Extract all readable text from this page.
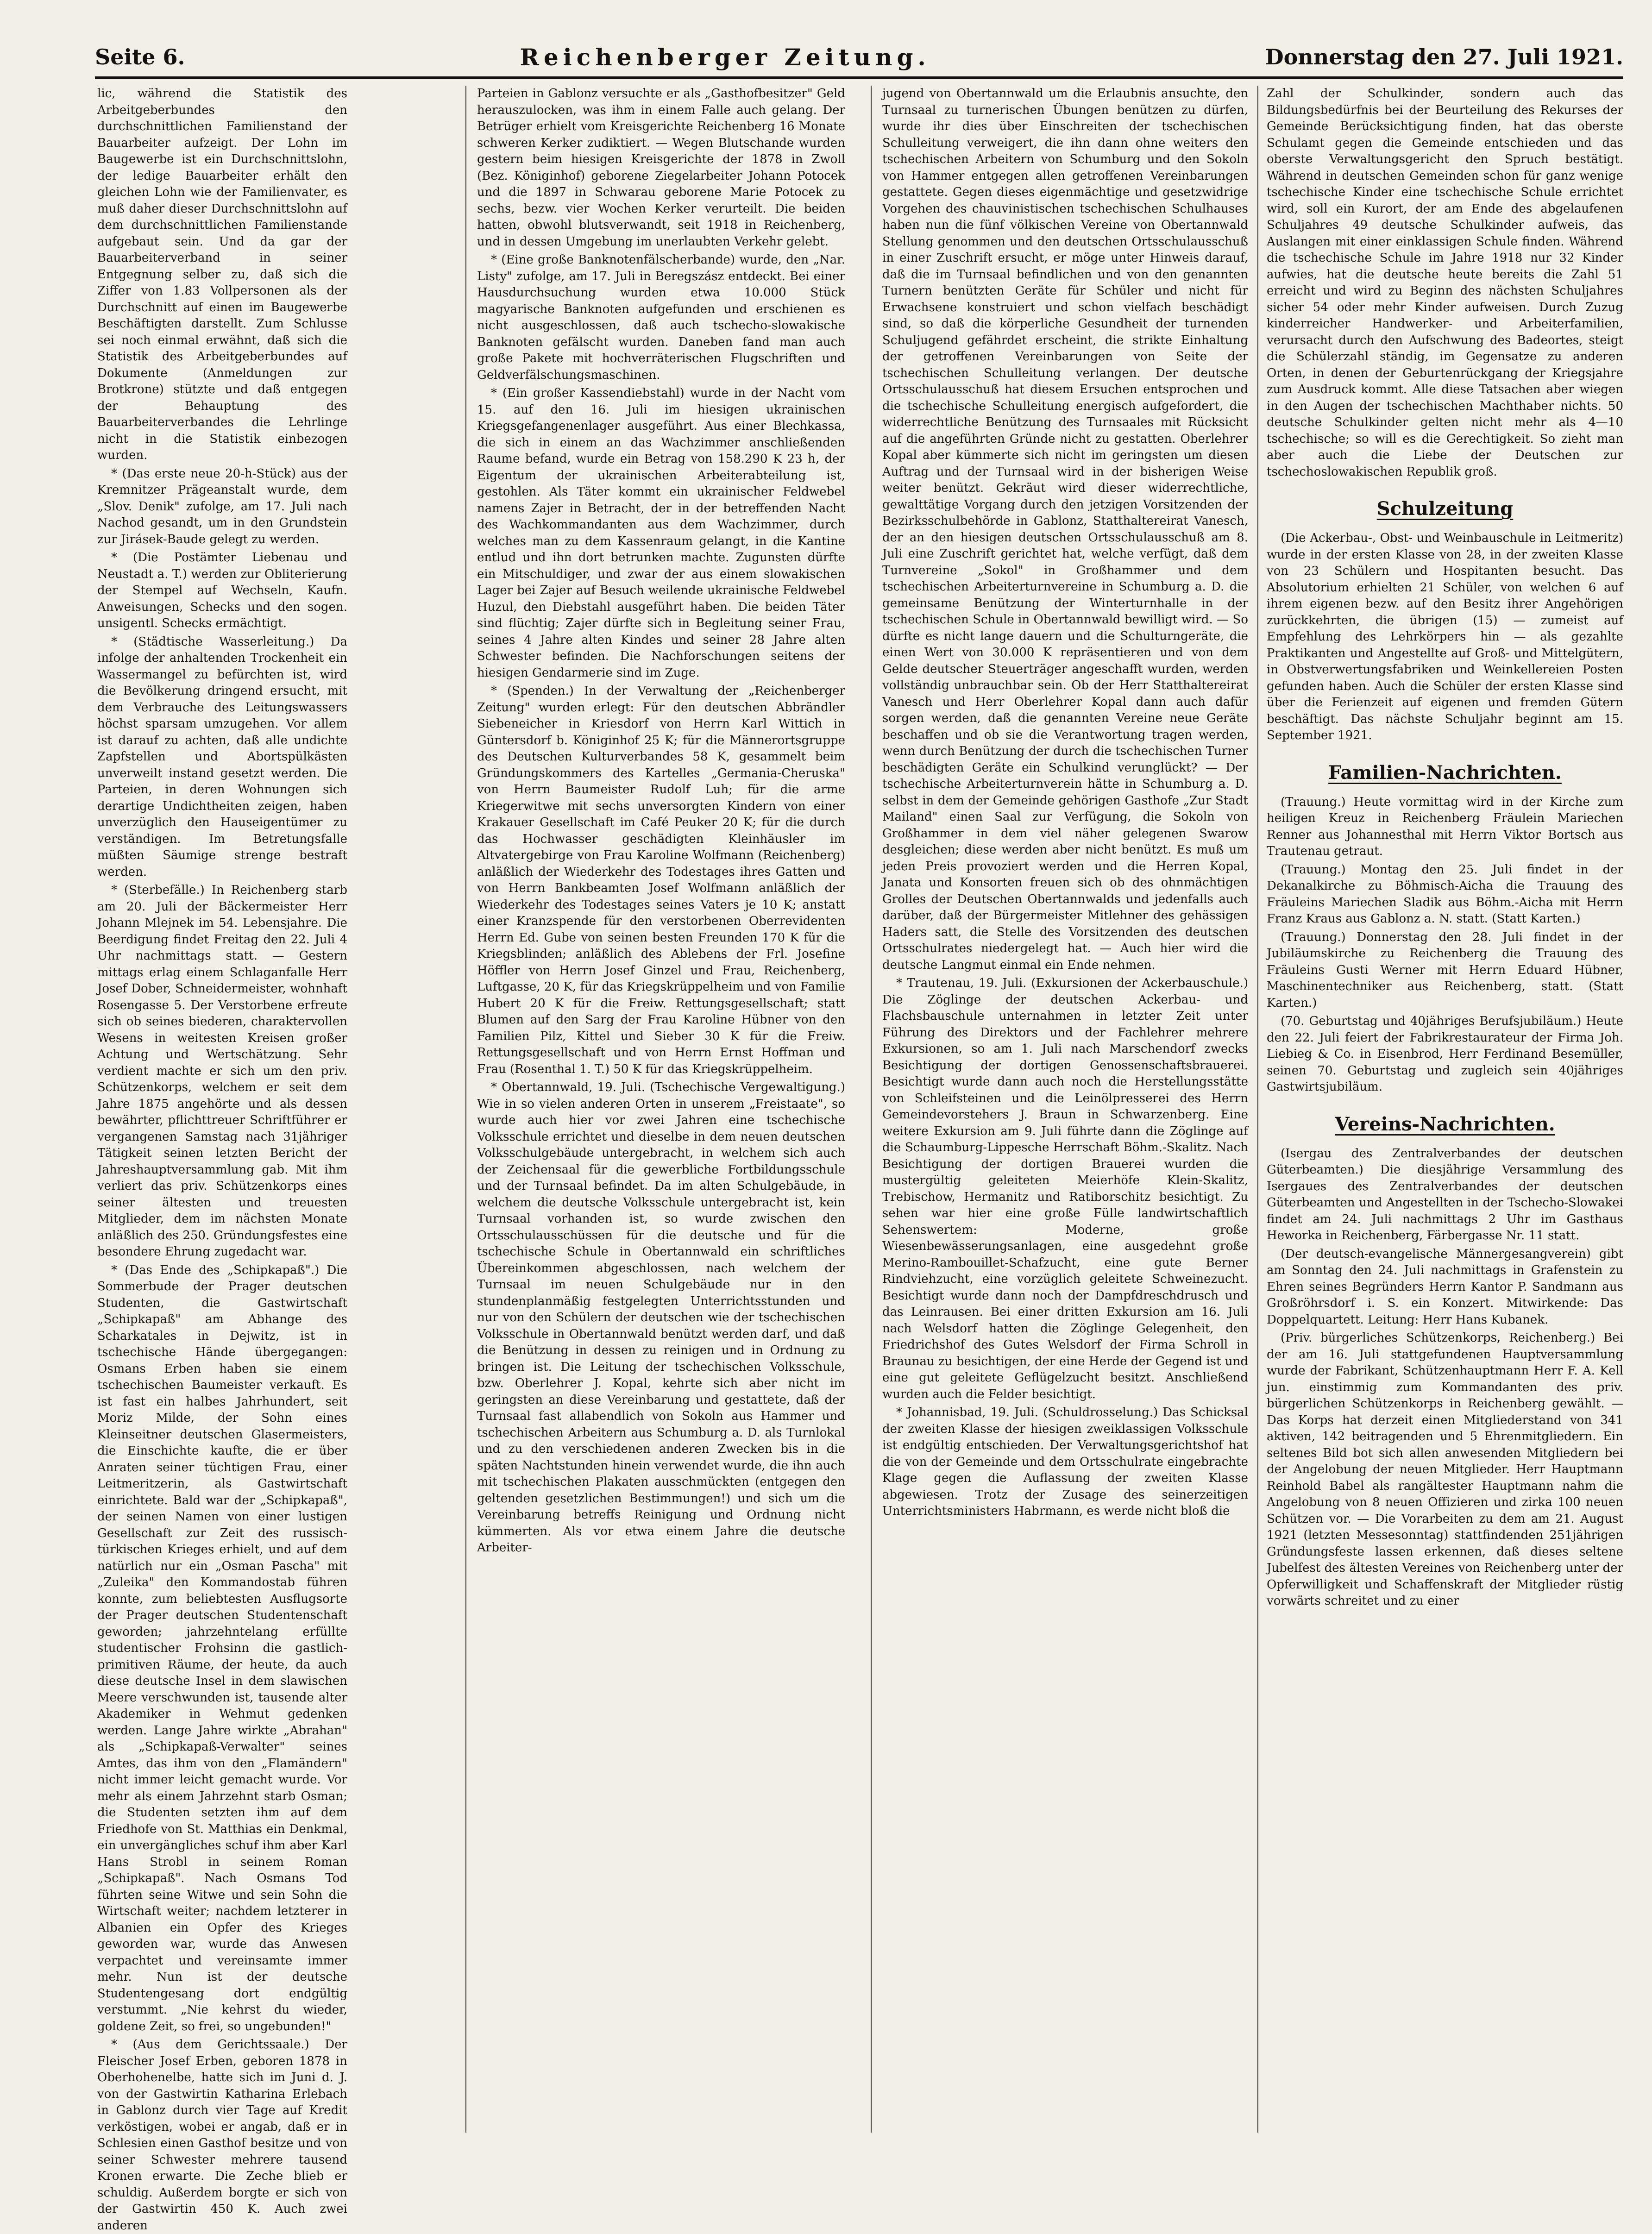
Seite 6.	Reichenberger Zeitung.	Donnerstag den 27. Juli 1921.

lic, während die Statistik des Arbeitgeberbundes den durchschnittlichen Familienstand der Bauarbeiter aufzeigt. Der Lohn im Baugewerbe ist ein Durchschnittslohn, der ledige Bauarbeiter erhält den gleichen Lohn wie der Familienvater, es muß daher dieser Durchschnittslohn auf dem durchschnittlichen Familienstande aufgebaut sein. Und da gar der Bauarbeiterverband in seiner Entgegnung selber zu, daß sich die Ziffer von 1.83 Vollpersonen als der Durchschnitt auf einen im Baugewerbe Beschäftigten darstellt. Zum Schlusse sei noch einmal erwähnt, daß sich die Statistik des Arbeitgeberbundes auf Dokumente (Anmeldungen zur Brotkrone) stützte und daß entgegen der Behauptung des Bauarbeiterverbandes die Lehrlinge nicht in die Statistik einbezogen wurden.

* (Das erste neue 20-h-Stück) aus der Kremnitzer Prägeanstalt wurde, dem „Slov. Denik" zufolge, am 17. Juli nach Nachod gesandt, um in den Grundstein zur Jirásek-Baude gelegt zu werden.

* (Die Postämter Liebenau und Neustadt a. T.) werden zur Obliterierung der Stempel auf Wechseln, Kaufn. Anweisungen, Schecks und den sogen. unsigentl. Schecks ermächtigt.

* (Städtische Wasserleitung.) Da infolge der anhaltenden Trockenheit ein Wassermangel zu befürchten ist, wird die Bevölkerung dringend ersucht, mit dem Verbrauche des Leitungswassers höchst sparsam umzugehen. Vor allem ist darauf zu achten, daß alle undichte Zapfstellen und Abortspülkästen unverweilt instand gesetzt werden. Die Parteien, in deren Wohnungen sich derartige Undichtheiten zeigen, haben unverzüglich den Hauseigentümer zu verständigen. Im Betretungsfalle müßten Säumige strenge bestraft werden.

* (Sterbefälle.) In Reichenberg starb am 20. Juli der Bäckermeister Herr Johann Mlejnek im 54. Lebensjahre. Die Beerdigung findet Freitag den 22. Juli 4 Uhr nachmittags statt. — Gestern mittags erlag einem Schlaganfalle Herr Josef Dober, Schneidermeister, wohnhaft Rosengasse 5. Der Verstorbene erfreute sich ob seines biederen, charaktervollen Wesens in weitesten Kreisen großer Achtung und Wertschätzung. Sehr verdient machte er sich um den priv. Schützenkorps, welchem er seit dem Jahre 1875 angehörte und als dessen bewährter, pflichttreuer Schriftführer er vergangenen Samstag nach 31jähriger Tätigkeit seinen letzten Bericht der Jahreshauptversammlung gab. Mit ihm verliert das priv. Schützenkorps eines seiner ältesten und treuesten Mitglieder, dem im nächsten Monate anläßlich des 250. Gründungsfestes eine besondere Ehrung zugedacht war.

* (Das Ende des „Schipkapaß".) Die Sommerbude der Prager deutschen Studenten, die Gastwirtschaft „Schipkapaß" am Abhange des Scharkatales in Dejwitz, ist in tschechische Hände übergegangen: Osmans Erben haben sie einem tschechischen Baumeister verkauft. Es ist fast ein halbes Jahrhundert, seit Moriz Milde, der Sohn eines Kleinseitner deutschen Glasermeisters, die Einschichte kaufte, die er über Anraten seiner tüchtigen Frau, einer Leitmeritzerin, als Gastwirtschaft einrichtete. Bald war der „Schipkapaß", der seinen Namen von einer lustigen Gesellschaft zur Zeit des russisch-türkischen Krieges erhielt, und auf dem natürlich nur ein „Osman Pascha" mit „Zuleika" den Kommandostab führen konnte, zum beliebtesten Ausflugsorte der Prager deutschen Studentenschaft geworden; jahrzehntelang erfüllte studentischer Frohsinn die gastlich-primitiven Räume, der heute, da auch diese deutsche Insel in dem slawischen Meere verschwunden ist, tausende alter Akademiker in Wehmut gedenken werden. Lange Jahre wirkte „Abrahan" als „Schipkapaß-Verwalter" seines Amtes, das ihm von den „Flamändern" nicht immer leicht gemacht wurde. Vor mehr als einem Jahrzehnt starb Osman; die Studenten setzten ihm auf dem Friedhofe von St. Matthias ein Denkmal, ein unvergängliches schuf ihm aber Karl Hans Strobl in seinem Roman „Schipkapaß". Nach Osmans Tod führten seine Witwe und sein Sohn die Wirtschaft weiter; nachdem letzterer in Albanien ein Opfer des Krieges geworden war, wurde das Anwesen verpachtet und vereinsamte immer mehr. Nun ist der deutsche Studentengesang dort endgültig verstummt. „Nie kehrst du wieder, goldene Zeit, so frei, so ungebunden!"

* (Aus dem Gerichtssaale.) Der Fleischer Josef Erben, geboren 1878 in Oberhohenelbe, hatte sich im Juni d. J. von der Gastwirtin Katharina Erlebach in Gablonz durch vier Tage auf Kredit verköstigen, wobei er angab, daß er in Schlesien einen Gasthof besitze und von seiner Schwester mehrere tausend Kronen erwarte. Die Zeche blieb er schuldig. Außerdem borgte er sich von der Gastwirtin 450 K. Auch zwei anderen

Parteien in Gablonz versuchte er als „Gasthofbesitzer" Geld herauszulocken, was ihm in einem Falle auch gelang. Der Betrüger erhielt vom Kreisgerichte Reichenberg 16 Monate schweren Kerker zudiktiert. — Wegen Blutschande wurden gestern beim hiesigen Kreisgerichte der 1878 in Zwoll (Bez. Königinhof) geborene Ziegelarbeiter Johann Potocek und die 1897 in Schwarau geborene Marie Potocek zu sechs, bezw. vier Wochen Kerker verurteilt. Die beiden hatten, obwohl blutsverwandt, seit 1918 in Reichenberg, und in dessen Umgebung im unerlaubten Verkehr gelebt.

* (Eine große Banknotenfälscherbande) wurde, den „Nar. Listy" zufolge, am 17. Juli in Beregszász entdeckt. Bei einer Hausdurchsuchung wurden etwa 10.000 Stück magyarische Banknoten aufgefunden und erschienen es nicht ausgeschlossen, daß auch tschecho-slowakische Banknoten gefälscht wurden. Daneben fand man auch große Pakete mit hochverräterischen Flugschriften und Geldverfälschungsmaschinen.

* (Ein großer Kassendiebstahl) wurde in der Nacht vom 15. auf den 16. Juli im hiesigen ukrainischen Kriegsgefangenenlager ausgeführt. Aus einer Blechkassa, die sich in einem an das Wachzimmer anschließenden Raume befand, wurde ein Betrag von 158.290 K 23 h, der Eigentum der ukrainischen Arbeiterabteilung ist, gestohlen. Als Täter kommt ein ukrainischer Feldwebel namens Zajer in Betracht, der in der betreffenden Nacht des Wachkommandanten aus dem Wachzimmer, durch welches man zu dem Kassenraum gelangt, in die Kantine entlud und ihn dort betrunken machte. Zugunsten dürfte ein Mitschuldiger, und zwar der aus einem slowakischen Lager bei Zajer auf Besuch weilende ukrainische Feldwebel Huzul, den Diebstahl ausgeführt haben. Die beiden Täter sind flüchtig; Zajer dürfte sich in Begleitung seiner Frau, seines 4 Jahre alten Kindes und seiner 28 Jahre alten Schwester befinden. Die Nachforschungen seitens der hiesigen Gendarmerie sind im Zuge.

* (Spenden.) In der Verwaltung der „Reichenberger Zeitung" wurden erlegt: Für den deutschen Abbrändler Siebeneicher in Kriesdorf von Herrn Karl Wittich in Güntersdorf b. Königinhof 25 K; für die Männerortsgruppe des Deutschen Kulturverbandes 58 K, gesammelt beim Gründungskommers des Kartelles „Germania-Cheruska" von Herrn Baumeister Rudolf Luh; für die arme Kriegerwitwe mit sechs unversorgten Kindern von einer Krakauer Gesellschaft im Café Peuker 20 K; für die durch das Hochwasser geschädigten Kleinhäusler im Altvatergebirge von Frau Karoline Wolfmann (Reichenberg) anläßlich der Wiederkehr des Todestages ihres Gatten und von Herrn Bankbeamten Josef Wolfmann anläßlich der Wiederkehr des Todestages seines Vaters je 10 K; anstatt einer Kranzspende für den verstorbenen Oberrevidenten Herrn Ed. Gube von seinen besten Freunden 170 K für die Kriegsblinden; anläßlich des Ablebens der Frl. Josefine Höffler von Herrn Josef Ginzel und Frau, Reichenberg, Luftgasse, 20 K, für das Kriegskrüppelheim und von Familie Hubert 20 K für die Freiw. Rettungsgesellschaft; statt Blumen auf den Sarg der Frau Karoline Hübner von den Familien Pilz, Kittel und Sieber 30 K für die Freiw. Rettungsgesellschaft und von Herrn Ernst Hoffman und Frau (Rosenthal 1. T.) 50 K für das Kriegskrüppelheim.

* Obertannwald, 19. Juli. (Tschechische Vergewaltigung.) Wie in so vielen anderen Orten in unserem „Freistaate", so wurde auch hier vor zwei Jahren eine tschechische Volksschule errichtet und dieselbe in dem neuen deutschen Volksschulgebäude untergebracht, in welchem sich auch der Zeichensaal für die gewerbliche Fortbildungsschule und der Turnsaal befindet. Da im alten Schulgebäude, in welchem die deutsche Volksschule untergebracht ist, kein Turnsaal vorhanden ist, so wurde zwischen den Ortsschulausschüssen für die deutsche und für die tschechische Schule in Obertannwald ein schriftliches Übereinkommen abgeschlossen, nach welchem der Turnsaal im neuen Schulgebäude nur in den stundenplanmäßig festgelegten Unterrichtsstunden und nur von den Schülern der deutschen wie der tschechischen Volksschule in Obertannwald benützt werden darf, und daß die Benützung in dessen zu reinigen und in Ordnung zu bringen ist. Die Leitung der tschechischen Volksschule, bzw. Oberlehrer J. Kopal, kehrte sich aber nicht im geringsten an diese Vereinbarung und gestattete, daß der Turnsaal fast allabendlich von Sokoln aus Hammer und tschechischen Arbeitern aus Schumburg a. D. als Turnlokal und zu den verschiedenen anderen Zwecken bis in die späten Nachtstunden hinein verwendet wurde, die ihn auch mit tschechischen Plakaten ausschmückten (entgegen den geltenden gesetzlichen Bestimmungen!) und sich um die Vereinbarung betreffs Reinigung und Ordnung nicht kümmerten. Als vor etwa einem Jahre die deutsche Arbeiter-

jugend von Obertannwald um die Erlaubnis ansuchte, den Turnsaal zu turnerischen Übungen benützen zu dürfen, wurde ihr dies über Einschreiten der tschechischen Schulleitung verweigert, die ihn dann ohne weiters den tschechischen Arbeitern von Schumburg und den Sokoln von Hammer entgegen allen getroffenen Vereinbarungen gestattete. Gegen dieses eigenmächtige und gesetzwidrige Vorgehen des chauvinistischen tschechischen Schulhauses haben nun die fünf völkischen Vereine von Obertannwald Stellung genommen und den deutschen Ortsschulausschuß in einer Zuschrift ersucht, er möge unter Hinweis darauf, daß die im Turnsaal befindlichen und von den genannten Turnern benützten Geräte für Schüler und nicht für Erwachsene konstruiert und schon vielfach beschädigt sind, so daß die körperliche Gesundheit der turnenden Schuljugend gefährdet erscheint, die strikte Einhaltung der getroffenen Vereinbarungen von Seite der tschechischen Schulleitung verlangen. Der deutsche Ortsschulausschuß hat diesem Ersuchen entsprochen und die tschechische Schulleitung energisch aufgefordert, die widerrechtliche Benützung des Turnsaales mit Rücksicht auf die angeführten Gründe nicht zu gestatten. Oberlehrer Kopal aber kümmerte sich nicht im geringsten um diesen Auftrag und der Turnsaal wird in der bisherigen Weise weiter benützt. Gekräut wird dieser widerrechtliche, gewalttätige Vorgang durch den jetzigen Vorsitzenden der Bezirksschulbehörde in Gablonz, Statthaltereirat Vanesch, der an den hiesigen deutschen Ortsschulausschuß am 8. Juli eine Zuschrift gerichtet hat, welche verfügt, daß dem Turnvereine „Sokol" in Großhammer und dem tschechischen Arbeiterturnvereine in Schumburg a. D. die gemeinsame Benützung der Winterturnhalle in der tschechischen Schule in Obertannwald bewilligt wird. — So dürfte es nicht lange dauern und die Schulturngeräte, die einen Wert von 30.000 K repräsentieren und von dem Gelde deutscher Steuerträger angeschafft wurden, werden vollständig unbrauchbar sein. Ob der Herr Statthaltereirat Vanesch und Herr Oberlehrer Kopal dann auch dafür sorgen werden, daß die genannten Vereine neue Geräte beschaffen und ob sie die Verantwortung tragen werden, wenn durch Benützung der durch die tschechischen Turner beschädigten Geräte ein Schulkind verunglückt? — Der tschechische Arbeiterturnverein hätte in Schumburg a. D. selbst in dem der Gemeinde gehörigen Gasthofe „Zur Stadt Mailand" einen Saal zur Verfügung, die Sokoln von Großhammer in dem viel näher gelegenen Swarow desgleichen; diese werden aber nicht benützt. Es muß um jeden Preis provoziert werden und die Herren Kopal, Janata und Konsorten freuen sich ob des ohnmächtigen Grolles der Deutschen Obertannwalds und jedenfalls auch darüber, daß der Bürgermeister Mitlehner des gehässigen Haders satt, die Stelle des Vorsitzenden des deutschen Ortsschulrates niedergelegt hat. — Auch hier wird die deutsche Langmut einmal ein Ende nehmen.

* Trautenau, 19. Juli. (Exkursionen der Ackerbauschule.) Die Zöglinge der deutschen Ackerbau- und Flachsbauschule unternahmen in letzter Zeit unter Führung des Direktors und der Fachlehrer mehrere Exkursionen, so am 1. Juli nach Marschendorf zwecks Besichtigung der dortigen Genossenschaftsbrauerei. Besichtigt wurde dann auch noch die Herstellungsstätte von Schleifsteinen und die Leinölpresserei des Herrn Gemeindevorstehers J. Braun in Schwarzenberg. Eine weitere Exkursion am 9. Juli führte dann die Zöglinge auf die Schaumburg-Lippesche Herrschaft Böhm.-Skalitz. Nach Besichtigung der dortigen Brauerei wurden die mustergültig geleiteten Meierhöfe Klein-Skalitz, Trebischow, Hermanitz und Ratiborschitz besichtigt. Zu sehen war hier eine große Fülle landwirtschaftlich Sehenswertem: Moderne, große Wiesenbewässerungsanlagen, eine ausgedehnt große Merino-Rambouillet-Schafzucht, eine gute Berner Rindviehzucht, eine vorzüglich geleitete Schweinezucht. Besichtigt wurde dann noch der Dampfdreschdrusch und das Leinrausen. Bei einer dritten Exkursion am 16. Juli nach Welsdorf hatten die Zöglinge Gelegenheit, den Friedrichshof des Gutes Welsdorf der Firma Schroll in Braunau zu besichtigen, der eine Herde der Gegend ist und eine gut geleitete Geflügelzucht besitzt. Anschließend wurden auch die Felder besichtigt.

* Johannisbad, 19. Juli. (Schuldrosselung.) Das Schicksal der zweiten Klasse der hiesigen zweiklassigen Volksschule ist endgültig entschieden. Der Verwaltungsgerichtshof hat die von der Gemeinde und dem Ortsschulrate eingebrachte Klage gegen die Auflassung der zweiten Klasse abgewiesen. Trotz der Zusage des seinerzeitigen Unterrichtsministers Habrmann, es werde nicht bloß die

Zahl der Schulkinder, sondern auch das Bildungsbedürfnis bei der Beurteilung des Rekurses der Gemeinde Berücksichtigung finden, hat das oberste Schulamt gegen die Gemeinde entschieden und das oberste Verwaltungsgericht den Spruch bestätigt. Während in deutschen Gemeinden schon für ganz wenige tschechische Kinder eine tschechische Schule errichtet wird, soll ein Kurort, der am Ende des abgelaufenen Schuljahres 49 deutsche Schulkinder aufweis, das Auslangen mit einer einklassigen Schule finden. Während die tschechische Schule im Jahre 1918 nur 32 Kinder aufwies, hat die deutsche heute bereits die Zahl 51 erreicht und wird zu Beginn des nächsten Schuljahres sicher 54 oder mehr Kinder aufweisen. Durch Zuzug kinderreicher Handwerker- und Arbeiterfamilien, verursacht durch den Aufschwung des Badeortes, steigt die Schülerzahl ständig, im Gegensatze zu anderen Orten, in denen der Geburtenrückgang der Kriegsjahre zum Ausdruck kommt. Alle diese Tatsachen aber wiegen in den Augen der tschechischen Machthaber nichts. 50 deutsche Schulkinder gelten nicht mehr als 4—10 tschechische; so will es die Gerechtigkeit. So zieht man aber auch die Liebe der Deutschen zur tschechoslowakischen Republik groß.

Schulzeitung

(Die Ackerbau-, Obst- und Weinbauschule in Leitmeritz) wurde in der ersten Klasse von 28, in der zweiten Klasse von 23 Schülern und Hospitanten besucht. Das Absolutorium erhielten 21 Schüler, von welchen 6 auf ihrem eigenen bezw. auf den Besitz ihrer Angehörigen zurückkehrten, die übrigen (15) — zumeist auf Empfehlung des Lehrkörpers hin — als gezahlte Praktikanten und Angestellte auf Groß- und Mittelgütern, in Obstverwertungsfabriken und Weinkellereien Posten gefunden haben. Auch die Schüler der ersten Klasse sind über die Ferienzeit auf eigenen und fremden Gütern beschäftigt. Das nächste Schuljahr beginnt am 15. September 1921.

Familien-Nachrichten.

(Trauung.) Heute vormittag wird in der Kirche zum heiligen Kreuz in Reichenberg Fräulein Mariechen Renner aus Johannesthal mit Herrn Viktor Bortsch aus Trautenau getraut.

(Trauung.) Montag den 25. Juli findet in der Dekanalkirche zu Böhmisch-Aicha die Trauung des Fräuleins Mariechen Sladik aus Böhm.-Aicha mit Herrn Franz Kraus aus Gablonz a. N. statt. (Statt Karten.)

(Trauung.) Donnerstag den 28. Juli findet in der Jubiläumskirche zu Reichenberg die Trauung des Fräuleins Gusti Werner mit Herrn Eduard Hübner, Maschinentechniker aus Reichenberg, statt. (Statt Karten.)

(70. Geburtstag und 40jähriges Berufsjubiläum.) Heute den 22. Juli feiert der Fabrikrestaurateur der Firma Joh. Liebieg & Co. in Eisenbrod, Herr Ferdinand Besemüller, seinen 70. Geburtstag und zugleich sein 40jähriges Gastwirtsjubiläum.

Vereins-Nachrichten.

(Isergau des Zentralverbandes der deutschen Güterbeamten.) Die diesjährige Versammlung des Isergaues des Zentralverbandes der deutschen Güterbeamten und Angestellten in der Tschecho-Slowakei findet am 24. Juli nachmittags 2 Uhr im Gasthaus Heworka in Reichenberg, Färbergasse Nr. 11 statt.

(Der deutsch-evangelische Männergesangverein) gibt am Sonntag den 24. Juli nachmittags in Grafenstein zu Ehren seines Begründers Herrn Kantor P. Sandmann aus Großröhrsdorf i. S. ein Konzert. Mitwirkende: Das Doppelquartett. Leitung: Herr Hans Kubanek.

(Priv. bürgerliches Schützenkorps, Reichenberg.) Bei der am 16. Juli stattgefundenen Hauptversammlung wurde der Fabrikant, Schützenhauptmann Herr F. A. Kell jun. einstimmig zum Kommandanten des priv. bürgerlichen Schützenkorps in Reichenberg gewählt. — Das Korps hat derzeit einen Mitgliederstand von 341 aktiven, 142 beitragenden und 5 Ehrenmitgliedern. Ein seltenes Bild bot sich allen anwesenden Mitgliedern bei der Angelobung der neuen Mitglieder. Herr Hauptmann Reinhold Babel als rangältester Hauptmann nahm die Angelobung von 8 neuen Offizieren und zirka 100 neuen Schützen vor. — Die Vorarbeiten zu dem am 21. August 1921 (letzten Messesonntag) stattfindenden 251jährigen Gründungsfeste lassen erkennen, daß dieses seltene Jubelfest des ältesten Vereines von Reichenberg unter der Opferwilligkeit und Schaffenskraft der Mitglieder rüstig vorwärts schreitet und zu einer
